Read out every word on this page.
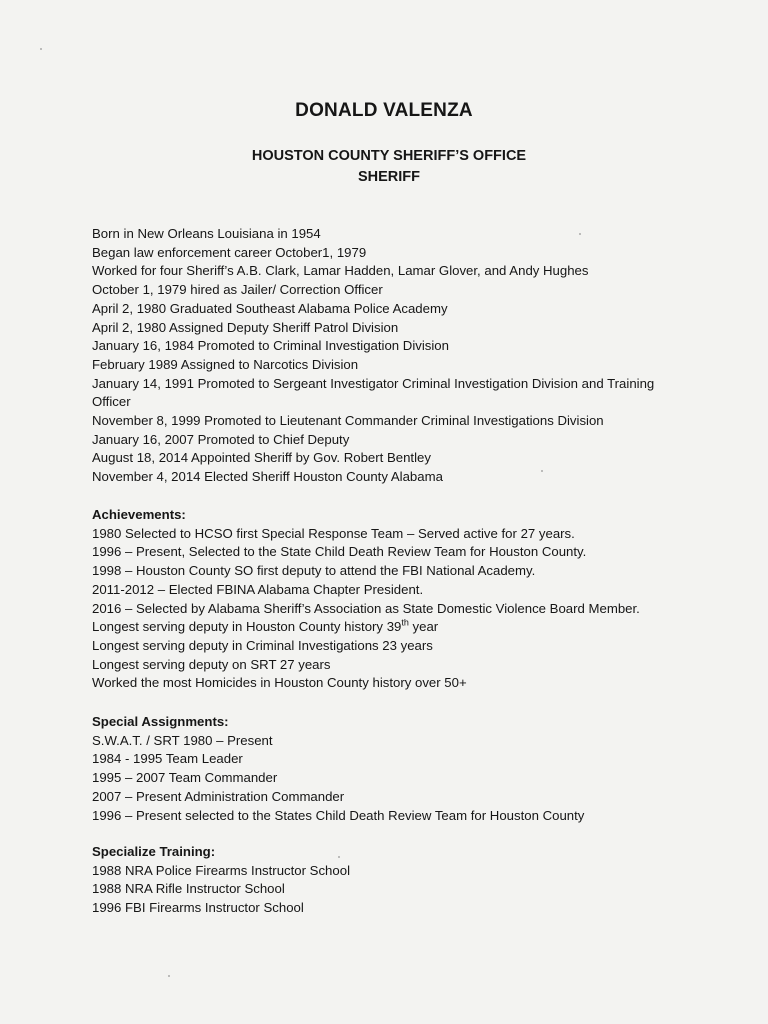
DONALD VALENZA
HOUSTON COUNTY SHERIFF’S OFFICE
SHERIFF

Born in New Orleans Louisiana in 1954

Began law enforcement career October1, 1979

Worked for four Sheriff’s A.B. Clark, Lamar Hadden, Lamar Glover, and Andy Hughes

October 1, 1979 hired as Jailer/ Correction Officer

April 2, 1980 Graduated Southeast Alabama Police Academy

April 2, 1980 Assigned Deputy Sheriff Patrol Division

January 16, 1984 Promoted to Criminal Investigation Division

February 1989 Assigned to Narcotics Division

January 14, 1991 Promoted to Sergeant Investigator Criminal Investigation Division and Training Officer

November 8, 1999 Promoted to Lieutenant Commander Criminal Investigations Division

January 16, 2007 Promoted to Chief Deputy

August 18, 2014 Appointed Sheriff by Gov. Robert Bentley

November 4, 2014 Elected Sheriff Houston County Alabama

Achievements:

1980 Selected to HCSO first Special Response Team – Served active for 27 years.

1996 – Present, Selected to the State Child Death Review Team for Houston County.

1998 – Houston County SO first deputy to attend the FBI National Academy.

2011-2012 – Elected FBINA Alabama Chapter President.

2016 – Selected by Alabama Sheriff’s Association as State Domestic Violence Board Member.

Longest serving deputy in Houston County history 39th year

Longest serving deputy in Criminal Investigations 23 years

Longest serving deputy on SRT 27 years

Worked the most Homicides in Houston County history over 50+

Special Assignments:

S.W.A.T. / SRT 1980 – Present

1984 - 1995 Team Leader

1995 – 2007 Team Commander

2007 – Present Administration Commander

1996 – Present selected to the States Child Death Review Team for Houston County

Specialize Training:

1988 NRA Police Firearms Instructor School

1988 NRA Rifle Instructor School

1996 FBI Firearms Instructor School
